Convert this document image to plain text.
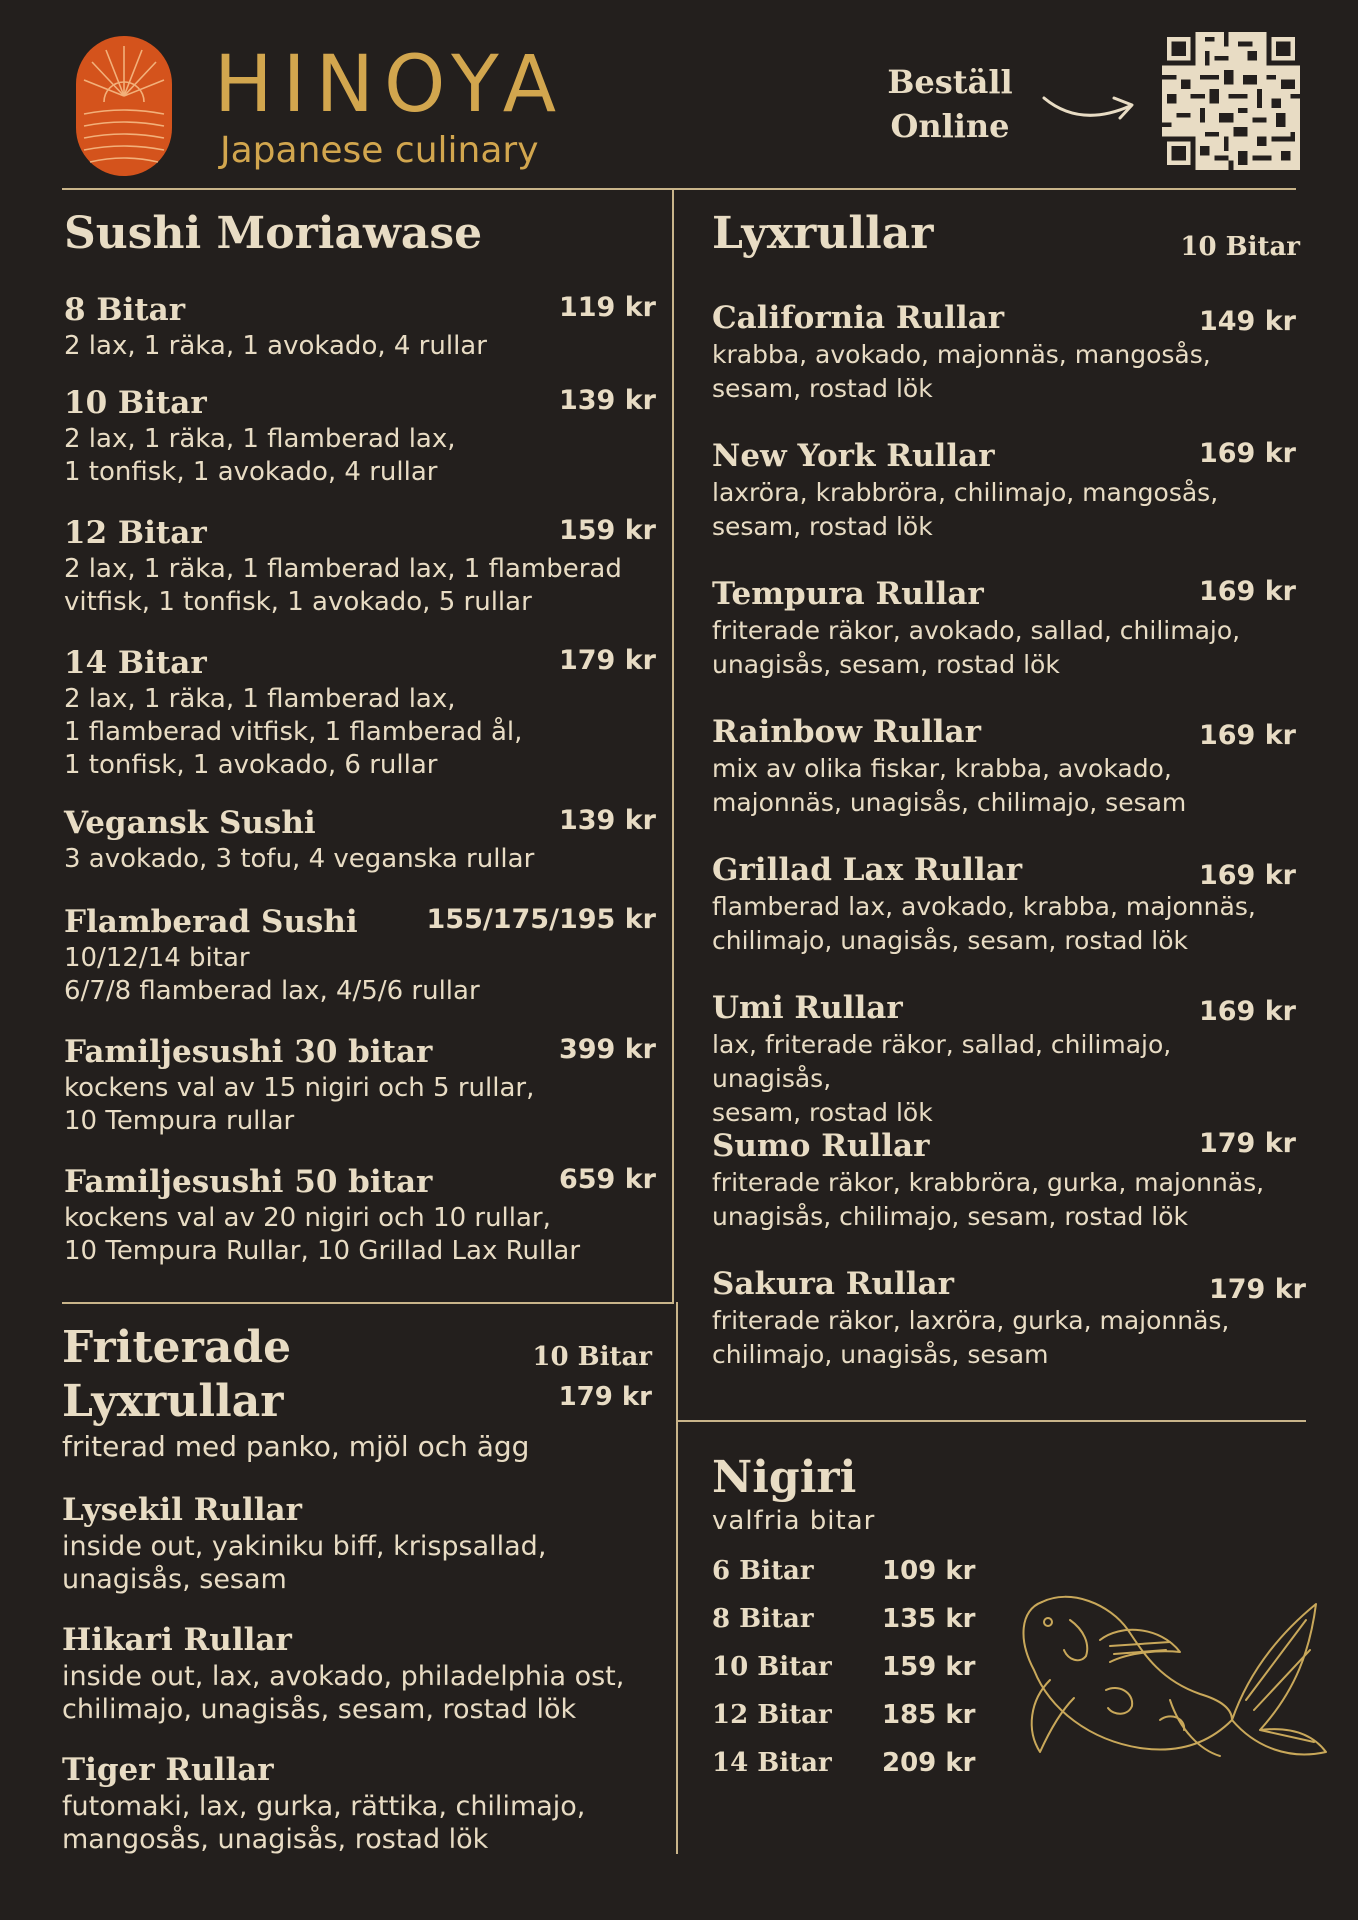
HINOYA
Japanese culinary
Beställ
Online
Sushi Moriawase
8 Bitar	119 kr
2 lax, 1 räka, 1 avokado, 4 rullar
10 Bitar	139 kr
2 lax, 1 räka, 1 flamberad lax,
1 tonfisk, 1 avokado, 4 rullar
12 Bitar	159 kr
2 lax, 1 räka, 1 flamberad lax, 1 flamberad
vitfisk, 1 tonfisk, 1 avokado, 5 rullar
14 Bitar	179 kr
2 lax, 1 räka, 1 flamberad lax,
1 flamberad vitfisk, 1 flamberad ål,
1 tonfisk, 1 avokado, 6 rullar
Vegansk Sushi	139 kr
3 avokado, 3 tofu, 4 veganska rullar
Flamberad Sushi	155/175/195 kr
10/12/14 bitar
6/7/8 flamberad lax, 4/5/6 rullar
Familjesushi 30 bitar	399 kr
kockens val av 15 nigiri och 5 rullar,
10 Tempura rullar
Familjesushi 50 bitar	659 kr
kockens val av 20 nigiri och 10 rullar,
10 Tempura Rullar, 10 Grillad Lax Rullar
Friterade
Lyxrullar
10 Bitar
179 kr
friterad med panko, mjöl och ägg
Lysekil Rullar
inside out, yakiniku biff, krispsallad,
unagisås, sesam
Hikari Rullar
inside out, lax, avokado, philadelphia ost,
chilimajo, unagisås, sesam, rostad lök
Tiger Rullar
futomaki, lax, gurka, rättika, chilimajo,
mangosås, unagisås, rostad lök
Lyxrullar	10 Bitar
California Rullar	149 kr
krabba, avokado, majonnäs, mangosås,
sesam, rostad lök
New York Rullar	169 kr
laxröra, krabbröra, chilimajo, mangosås,
sesam, rostad lök
Tempura Rullar	169 kr
friterade räkor, avokado, sallad, chilimajo,
unagisås, sesam, rostad lök
Rainbow Rullar	169 kr
mix av olika fiskar, krabba, avokado,
majonnäs, unagisås, chilimajo, sesam
Grillad Lax Rullar	169 kr
flamberad lax, avokado, krabba, majonnäs,
chilimajo, unagisås, sesam, rostad lök
Umi Rullar	169 kr
lax, friterade räkor, sallad, chilimajo, unagisås,
sesam, rostad lök
Sumo Rullar	179 kr
friterade räkor, krabbröra, gurka, majonnäs,
unagisås, chilimajo, sesam, rostad lök
Sakura Rullar	179 kr
friterade räkor, laxröra, gurka, majonnäs,
chilimajo, unagisås, sesam
Nigiri
valfria bitar
6 Bitar	109 kr
8 Bitar	135 kr
10 Bitar 159 kr
12 Bitar 185 kr
14 Bitar 209 kr
